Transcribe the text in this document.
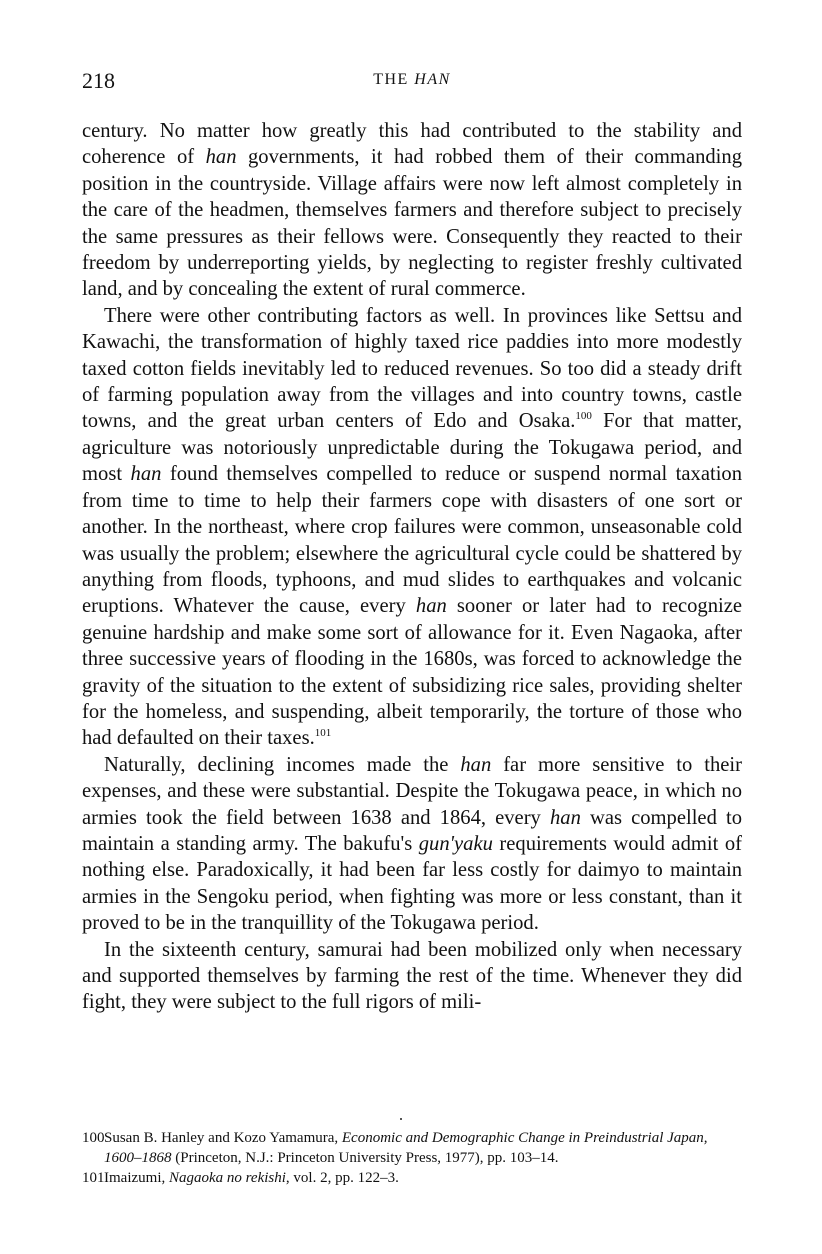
218	THE HAN

century. No matter how greatly this had contributed to the stability and coherence of han governments, it had robbed them of their commanding position in the countryside. Village affairs were now left almost completely in the care of the headmen, themselves farmers and therefore subject to precisely the same pressures as their fellows were. Consequently they reacted to their freedom by underreporting yields, by neglecting to register freshly cultivated land, and by concealing the extent of rural commerce.

There were other contributing factors as well. In provinces like Settsu and Kawachi, the transformation of highly taxed rice paddies into more modestly taxed cotton fields inevitably led to reduced revenues. So too did a steady drift of farming population away from the villages and into country towns, castle towns, and the great urban centers of Edo and Osaka.$^{100}$ For that matter, agriculture was notoriously unpredictable during the Tokugawa period, and most han found themselves compelled to reduce or suspend normal taxation from time to time to help their farmers cope with disasters of one sort or another. In the northeast, where crop failures were common, unseasonable cold was usually the problem; elsewhere the agricultural cycle could be shattered by anything from floods, typhoons, and mud slides to earthquakes and volcanic eruptions. Whatever the cause, every han sooner or later had to recognize genuine hardship and make some sort of allowance for it. Even Nagaoka, after three successive years of flooding in the 1680s, was forced to acknowledge the gravity of the situation to the extent of subsidizing rice sales, providing shelter for the homeless, and suspending, albeit temporarily, the torture of those who had defaulted on their taxes.$^{101}$

Naturally, declining incomes made the han far more sensitive to their expenses, and these were substantial. Despite the Tokugawa peace, in which no armies took the field between 1638 and 1864, every han was compelled to maintain a standing army. The bakufu's gun'yaku requirements would admit of nothing else. Paradoxically, it had been far less costly for daimyo to maintain armies in the Sengoku period, when fighting was more or less constant, than it proved to be in the tranquillity of the Tokugawa period.

In the sixteenth century, samurai had been mobilized only when necessary and supported themselves by farming the rest of the time. Whenever they did fight, they were subject to the full rigors of mili-

100Susan B. Hanley and Kozo Yamamura, Economic and Demographic Change in Preindustrial Japan, 1600–1868 (Princeton, N.J.: Princeton University Press, 1977), pp. 103–14.

101Imaizumi, Nagaoka no rekishi, vol. 2, pp. 122–3.
